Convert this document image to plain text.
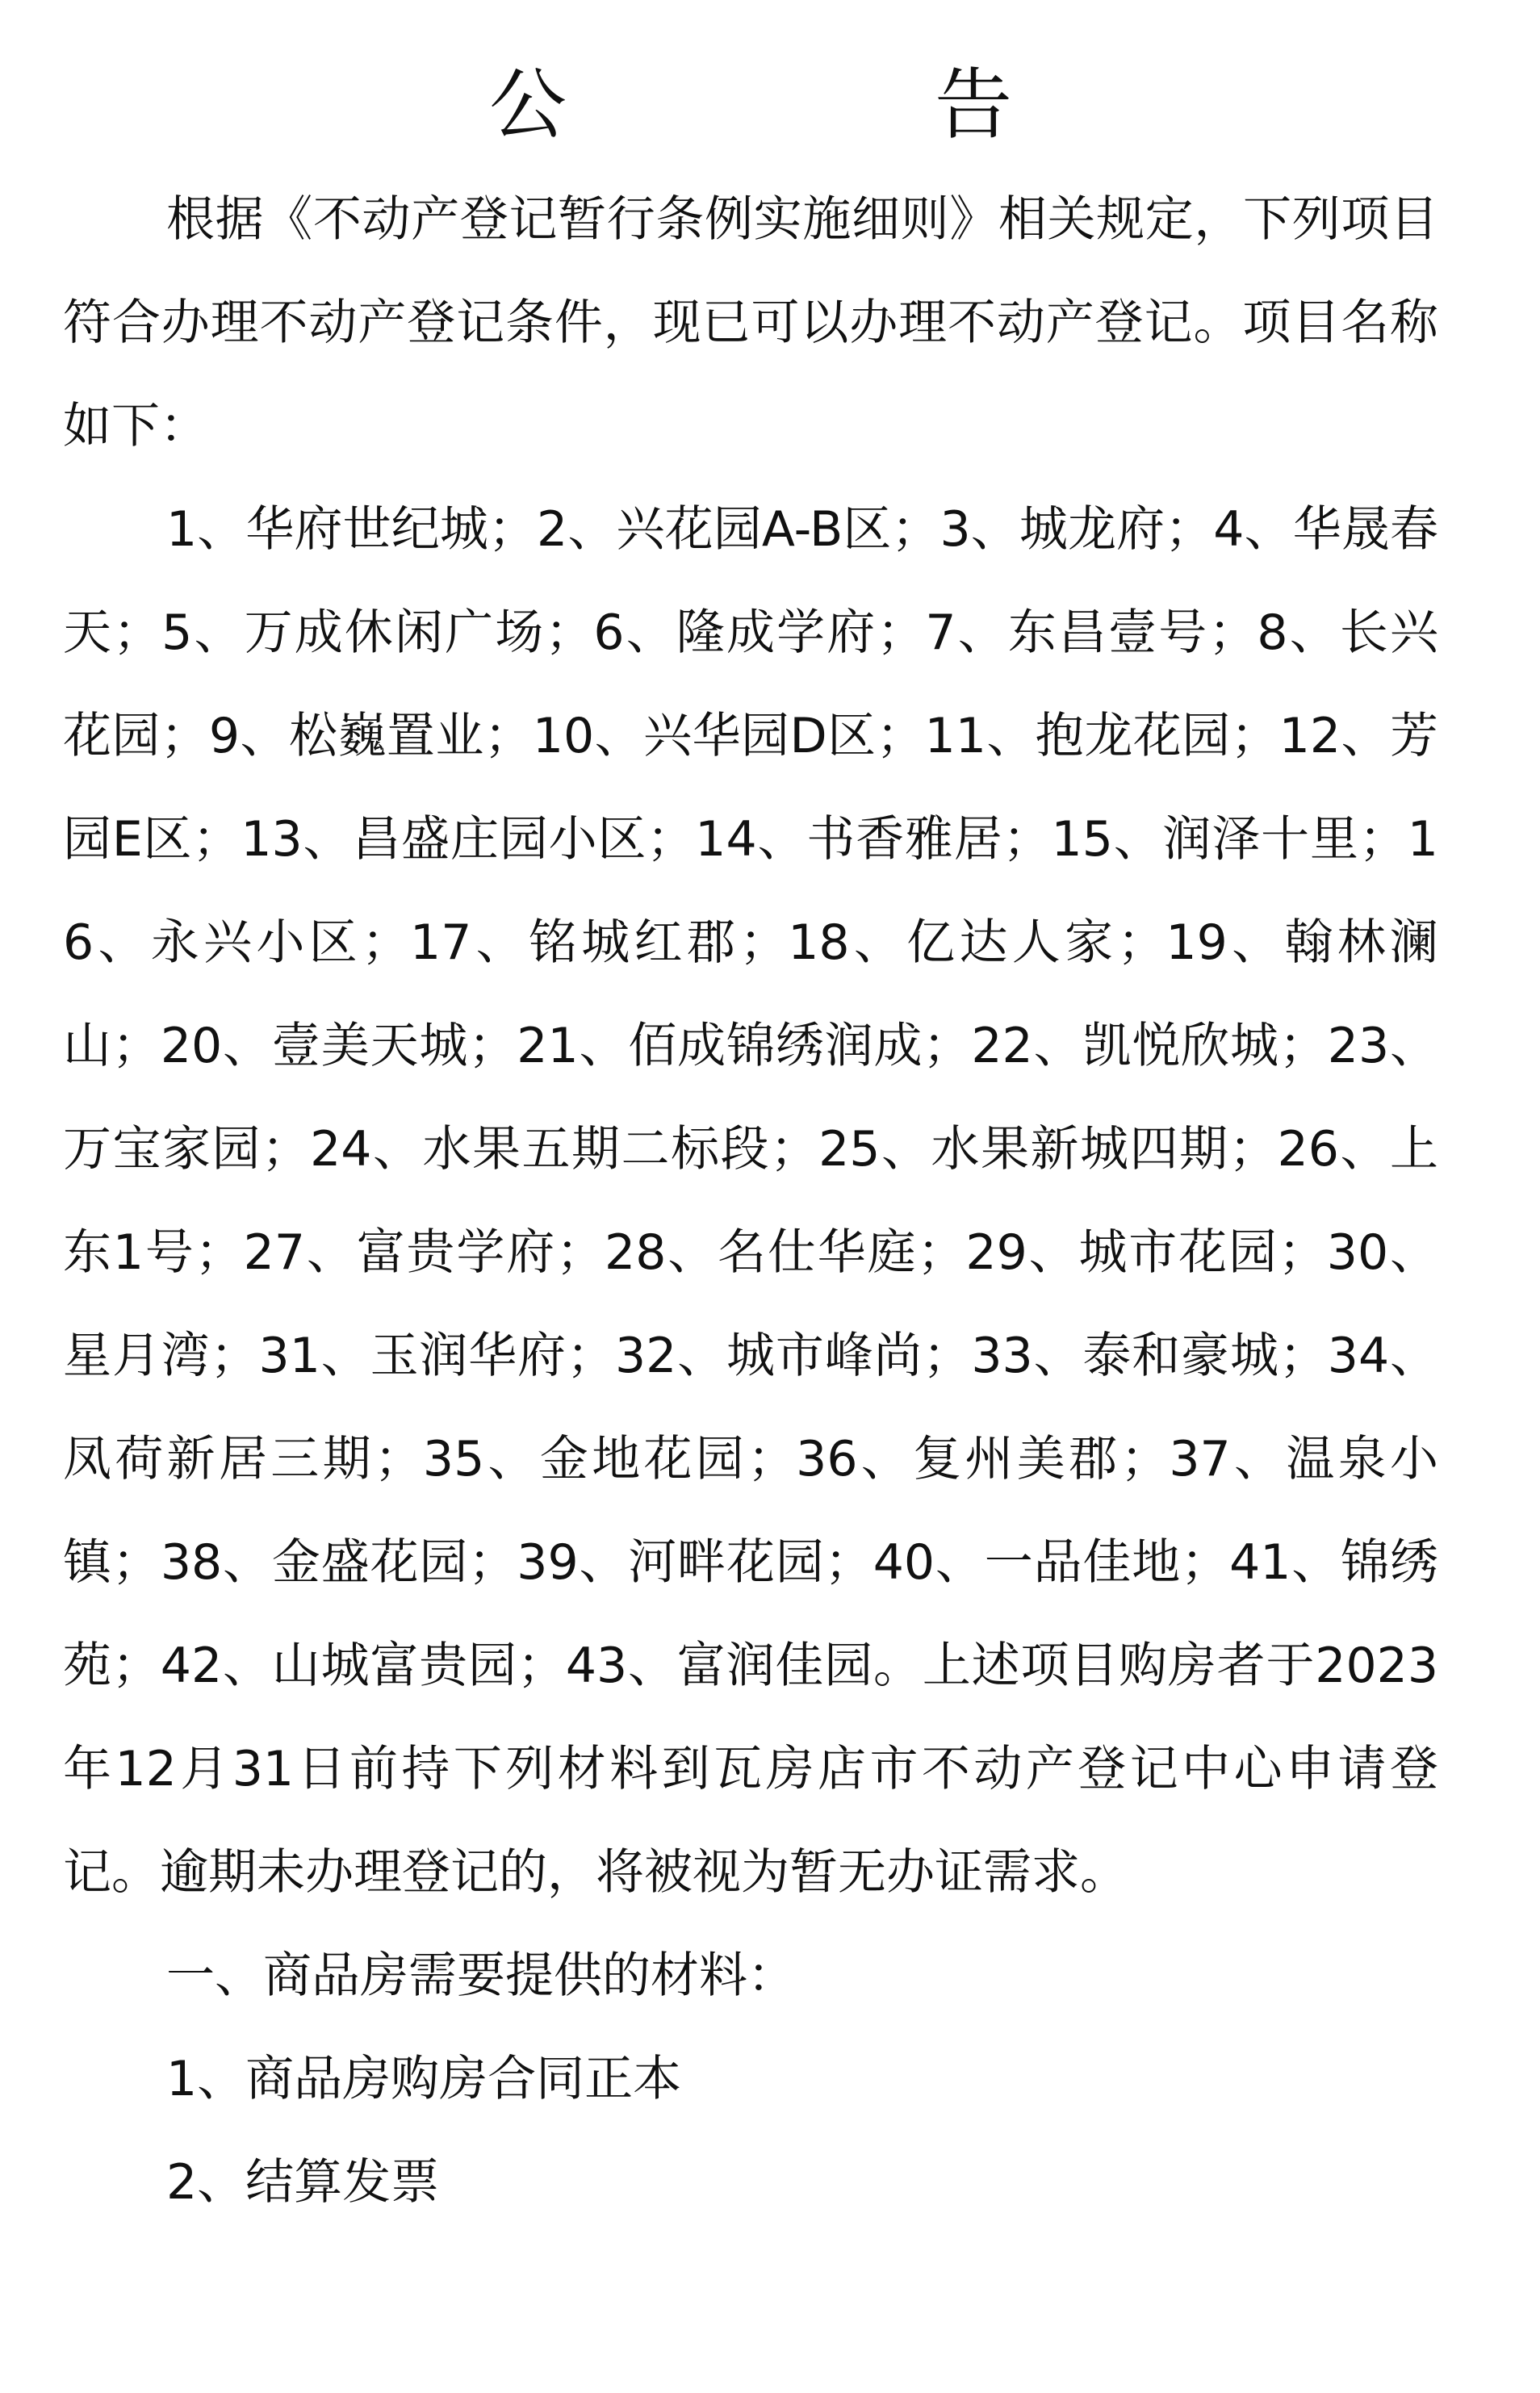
公　告

根据《不动产登记暂行条例实施细则》相关规定，下列项目符合办理不动产登记条件，现已可以办理不动产登记。项目名称如下：

1、华府世纪城；2、兴花园A-B区；3、城龙府；4、华晟春天；5、万成休闲广场；6、隆成学府；7、东昌壹号；8、长兴花园；9、松巍置业；10、兴华园D区；11、抱龙花园；12、芳园E区；13、昌盛庄园小区；14、书香雅居；15、润泽十里；16、永兴小区；17、铭城红郡；18、亿达人家；19、翰林澜山；20、壹美天城；21、佰成锦绣润成；22、凯悦欣城；23、万宝家园；24、水果五期二标段；25、水果新城四期；26、上东1号；27、富贵学府；28、名仕华庭；29、城市花园；30、星月湾；31、玉润华府；32、城市峰尚；33、泰和豪城；34、凤荷新居三期；35、金地花园；36、复州美郡；37、温泉小镇；38、金盛花园；39、河畔花园；40、一品佳地；41、锦绣苑；42、山城富贵园；43、富润佳园。上述项目购房者于2023年12月31日前持下列材料到瓦房店市不动产登记中心申请登记。逾期未办理登记的，将被视为暂无办证需求。

一、商品房需要提供的材料：

1、商品房购房合同正本

2、结算发票
